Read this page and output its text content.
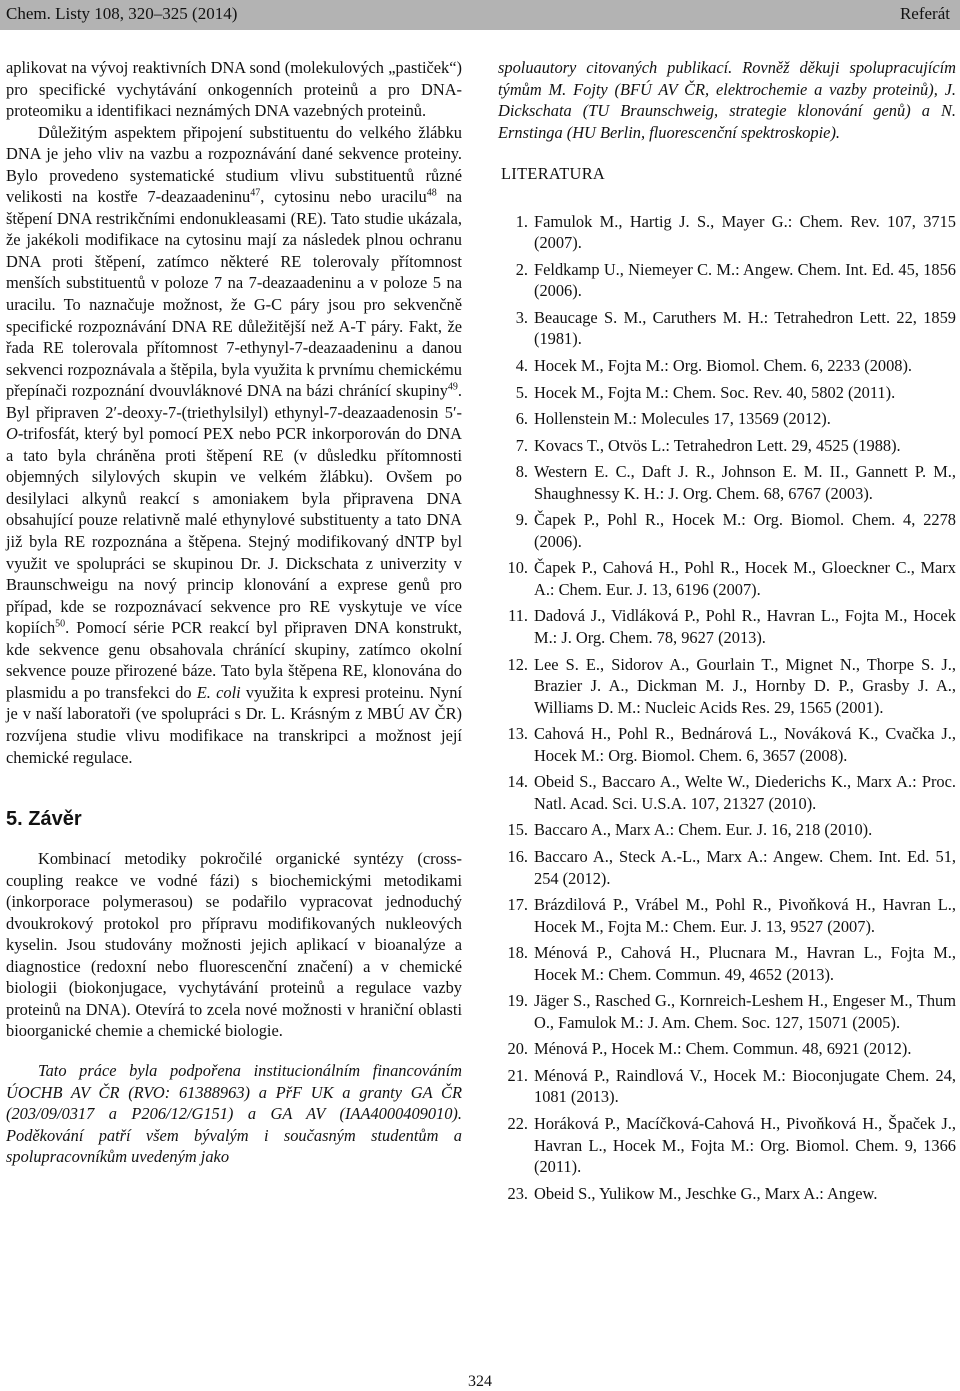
Chem. Listy 108, 320–325 (2014)	Referát

aplikovat na vývoj reaktivních DNA sond (molekulových „pastiček“) pro specifické vychytávání onkogenních proteinů a pro DNA-proteomiku a identifikaci neznámých DNA vazebných proteinů.

Důležitým aspektem připojení substituentu do velkého žlábku DNA je jeho vliv na vazbu a rozpoznávání dané sekvence proteiny. Bylo provedeno systematické studium vlivu substituentů různé velikosti na kostře 7-deazaadeninu$^{47}$, cytosinu nebo uracilu$^{48}$ na štěpení DNA restrikčními endonukleasami (RE). Tato studie ukázala, že jakékoli modifikace na cytosinu mají za následek plnou ochranu DNA proti štěpení, zatímco některé RE tolerovaly přítomnost menších substituentů v poloze 7 na 7-deazaadeninu a v poloze 5 na uracilu. To naznačuje možnost, že G-C páry jsou pro sekvenčně specifické rozpoznávání DNA RE důležitější než A-T páry. Fakt, že řada RE tolerovala přítomnost 7-ethynyl-7-deazaadeninu a danou sekvenci rozpoznávala a štěpila, byla využita k prvnímu chemickému přepínači rozpoznání dvouvláknové DNA na bázi chránící skupiny$^{49}$. Byl připraven 2′-deoxy-7-(triethylsilyl) ethynyl-7-deazaadenosin 5′-O-trifosfát, který byl pomocí PEX nebo PCR inkorporován do DNA a tato byla chráněna proti štěpení RE (v důsledku přítomnosti objemných silylových skupin ve velkém žlábku). Ovšem po desilylaci alkynů reakcí s amoniakem byla připravena DNA obsahující pouze relativně malé ethynylové substituenty a tato DNA již byla RE rozpoznána a štěpena. Stejný modifikovaný dNTP byl využit ve spolupráci se skupinou Dr. J. Dickschata z univerzity v Braunschweigu na nový princip klonování a exprese genů pro případ, kde se rozpoznávací sekvence pro RE vyskytuje ve více kopiích$^{50}$. Pomocí série PCR reakcí byl připraven DNA konstrukt, kde sekvence genu obsahovala chránící skupiny, zatímco okolní sekvence pouze přirozené báze. Tato byla štěpena RE, klonována do plasmidu a po transfekci do E. coli využita k expresi proteinu. Nyní je v naší laboratoři (ve spolupráci s Dr. L. Krásným z MBÚ AV ČR) rozvíjena studie vlivu modifikace na transkripci a možnost její chemické regulace.

5. Závěr

Kombinací metodiky pokročilé organické syntézy (cross-coupling reakce ve vodné fázi) s biochemickými metodikami (inkorporace polymerasou) se podařilo vypracovat jednoduchý dvoukrokový protokol pro přípravu modifikovaných nukleových kyselin. Jsou studovány možnosti jejich aplikací v bioanalýze a diagnostice (redoxní nebo fluorescenční značení) a v chemické biologii (biokonjugace, vychytávání proteinů a regulace vazby proteinů na DNA). Otevírá to zcela nové možnosti v hraniční oblasti bioorganické chemie a chemické biologie.

Tato práce byla podpořena institucionálním financováním ÚOCHB AV ČR (RVO: 61388963) a PřF UK a granty GA ČR (203/09/0317 a P206/12/G151) a GA AV (IAA4000409010). Poděkování patří všem bývalým i současným studentům a spolupracovníkům uvedeným jako

spoluautory citovaných publikací. Rovněž děkuji spolupracujícím týmům M. Fojty (BFÚ AV ČR, elektrochemie a vazby proteinů), J. Dickschata (TU Braunschweig, strategie klonování genů) a N. Ernstinga (HU Berlin, fluorescenční spektroskopie).

LITERATURA
1. Famulok M., Hartig J. S., Mayer G.: Chem. Rev. 107, 3715 (2007).
2. Feldkamp U., Niemeyer C. M.: Angew. Chem. Int. Ed. 45, 1856 (2006).
3. Beaucage S. M., Caruthers M. H.: Tetrahedron Lett. 22, 1859 (1981).
4. Hocek M., Fojta M.: Org. Biomol. Chem. 6, 2233 (2008).
5. Hocek M., Fojta M.: Chem. Soc. Rev. 40, 5802 (2011).
6. Hollenstein M.: Molecules 17, 13569 (2012).
7. Kovacs T., Otvös L.: Tetrahedron Lett. 29, 4525 (1988).
8. Western E. C., Daft J. R., Johnson E. M. II., Gannett P. M., Shaughnessy K. H.: J. Org. Chem. 68, 6767 (2003).
9. Čapek P., Pohl R., Hocek M.: Org. Biomol. Chem. 4, 2278 (2006).
10. Čapek P., Cahová H., Pohl R., Hocek M., Gloeckner C., Marx A.: Chem. Eur. J. 13, 6196 (2007).
11. Dadová J., Vidláková P., Pohl R., Havran L., Fojta M., Hocek M.: J. Org. Chem. 78, 9627 (2013).
12. Lee S. E., Sidorov A., Gourlain T., Mignet N., Thorpe S. J., Brazier J. A., Dickman M. J., Hornby D. P., Grasby J. A., Williams D. M.: Nucleic Acids Res. 29, 1565 (2001).
13. Cahová H., Pohl R., Bednárová L., Nováková K., Cvačka J., Hocek M.: Org. Biomol. Chem. 6, 3657 (2008).
14. Obeid S., Baccaro A., Welte W., Diederichs K., Marx A.: Proc. Natl. Acad. Sci. U.S.A. 107, 21327 (2010).
15. Baccaro A., Marx A.: Chem. Eur. J. 16, 218 (2010).
16. Baccaro A., Steck A.-L., Marx A.: Angew. Chem. Int. Ed. 51, 254 (2012).
17. Brázdilová P., Vrábel M., Pohl R., Pivoňková H., Havran L., Hocek M., Fojta M.: Chem. Eur. J. 13, 9527 (2007).
18. Ménová P., Cahová H., Plucnara M., Havran L., Fojta M., Hocek M.: Chem. Commun. 49, 4652 (2013).
19. Jäger S., Rasched G., Kornreich-Leshem H., Engeser M., Thum O., Famulok M.: J. Am. Chem. Soc. 127, 15071 (2005).
20. Ménová P., Hocek M.: Chem. Commun. 48, 6921 (2012).
21. Ménová P., Raindlová V., Hocek M.: Bioconjugate Chem. 24, 1081 (2013).
22. Horáková P., Macíčková-Cahová H., Pivoňková H., Špaček J., Havran L., Hocek M., Fojta M.: Org. Biomol. Chem. 9, 1366 (2011).
23. Obeid S., Yulikow M., Jeschke G., Marx A.: Angew.
324
